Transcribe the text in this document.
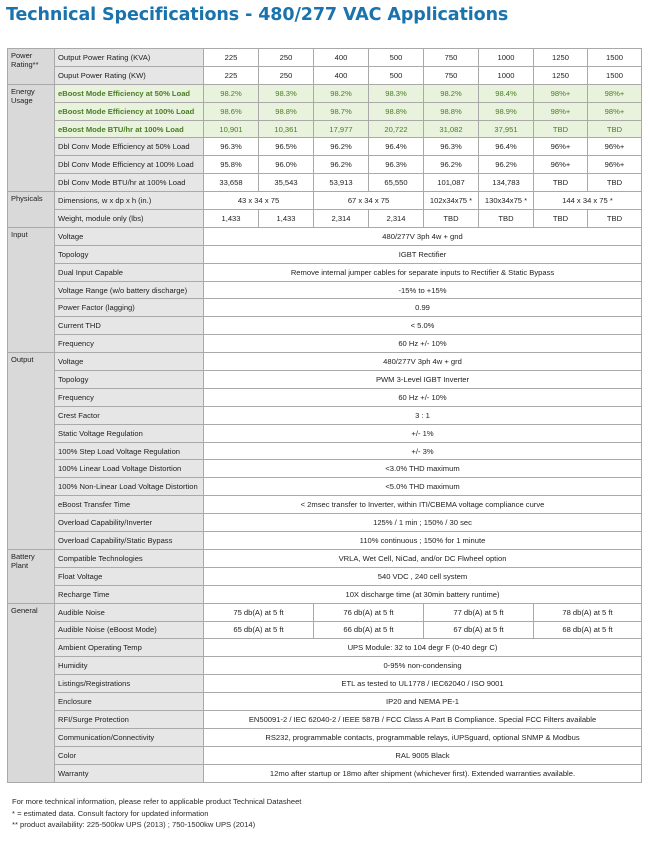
Technical Specifications - 480/277 VAC Applications
Power Rating**	Output Power Rating (KVA)	225	250	400	500	750	1000	1250	1500
	Ouput Power Rating (KW)	225	250	400	500	750	1000	1250	1500
Energy Usage	eBoost Mode Efficiency at 50% Load	98.2%	98.3%	98.2%	98.3%	98.2%	98.4%	98%+	98%+
	eBoost Mode Efficiency at 100% Load	98.6%	98.8%	98.7%	98.8%	98.8%	98.9%	98%+	98%+
	eBoost Mode BTU/hr at 100% Load	10,901	10,361	17,977	20,722	31,082	37,951	TBD	TBD
	Dbl Conv Mode Efficiency at 50% Load	96.3%	96.5%	96.2%	96.4%	96.3%	96.4%	96%+	96%+
	Dbl Conv Mode Efficiency at 100% Load	95.8%	96.0%	96.2%	96.3%	96.2%	96.2%	96%+	96%+
	Dbl Conv Mode BTU/hr at 100% Load	33,658	35,543	53,913	65,550	101,087	134,783	TBD	TBD
Physicals	Dimensions, w x dp x h (in.)	43 x 34 x 75		67 x 34 x 75		102x34x75 *	130x34x75 *	144 x 34 x 75 *	
	Weight, module only (lbs)	1,433	1,433	2,314	2,314	TBD	TBD	TBD	TBD
Input	Voltage	480/277V 3ph 4w + gnd							
	Topology	IGBT Rectifier							
	Dual Input Capable	Remove internal jumper cables for separate inputs to Rectifier & Static Bypass							
	Voltage Range (w/o battery discharge)	-15% to +15%							
	Power Factor (lagging)	0.99							
	Current THD	< 5.0%							
	Frequency	60 Hz +/- 10%							
Output	Voltage	480/277V 3ph 4w + grd							
	Topology	PWM 3-Level IGBT Inverter							
	Frequency	60 Hz +/- 10%							
	Crest Factor	3 : 1							
	Static Voltage Regulation	+/- 1%							
	100% Step Load Voltage Regulation	+/- 3%							
	100% Linear Load Voltage Distortion	<3.0% THD maximum							
	100% Non-Linear Load Voltage Distortion	<5.0% THD maximum							
	eBoost Transfer Time	< 2msec transfer to Inverter, within ITI/CBEMA voltage compliance curve							
	Overload Capability/Inverter	125% / 1 min ; 150% / 30 sec							
	Overload Capability/Static Bypass	110% continuous ; 150% for 1 minute							
Battery Plant	Compatible Technologies	VRLA, Wet Cell, NiCad, and/or DC Flwheel option							
	Float Voltage	540 VDC , 240 cell system							
	Recharge Time	10X discharge time (at 30min battery runtime)							
General	Audible Noise	75 db(A) at 5 ft		76 db(A) at 5 ft		77 db(A) at 5 ft		78 db(A) at 5 ft	
	Audible Noise (eBoost Mode)	65 db(A) at 5 ft		66 db(A) at 5 ft		67 db(A) at 5 ft		68 db(A) at 5 ft	
	Ambient Operating Temp	UPS Module: 32 to 104 degr F (0-40 degr C)							
	Humidity	0-95% non-condensing							
	Listings/Registrations	ETL as tested to UL1778 / IEC62040 / ISO 9001							
	Enclosure	IP20 and NEMA PE-1							
	RFI/Surge Protection	EN50091-2 / IEC 62040-2 / IEEE 587B / FCC Class A Part B Compliance. Special FCC Filters available							
	Communication/Connectivity	RS232, programmable contacts, programmable relays, iUPSguard, optional SNMP & Modbus							
	Color	RAL 9005 Black							
	Warranty	12mo after startup or 18mo after shipment (whichever first). Extended warranties available.							
For more technical information, please refer to applicable product Technical Datasheet
* = estimated data. Consult factory for updated information
** product availability: 225-500kw UPS (2013) ; 750-1500kw UPS (2014)
